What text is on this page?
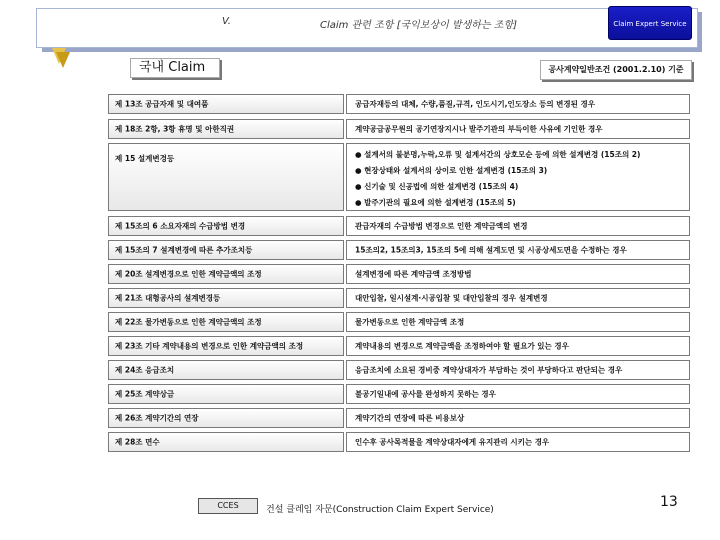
V.	Claim 관련 조항 [국익보상이 발생하는 조항]	Claim Expert Service
국내 Claim	공사계약일반조건 (2001.2.10) 기준
제 13조 공급자재 및 대여품	공급자재등의 대체, 수량,품질,규격, 인도시기,인도장소 등의 변경된 경우
제 18조 2항, 3항 휴명 및 아한직권	계약공급공무원의 공기연장지시나 발주기관의 부득이한 사유에 기인한 경우
제 15 설계변경등	● 설계서의 불분명,누락,오류 및 설계서간의 상호모순 등에 의한 설계변경 (15조의 2)
● 현장상태와 설계서의 상이로 인한 설계변경 (15조의 3)
● 신기술 및 신공법에 의한 설계변경 (15조의 4)
● 발주기관의 필요에 의한 설계변경 (15조의 5)
제 15조의 6 소요자재의 수급방법 변경	관급자재의 수급방법 변경으로 인한 계약금액의 변경
제 15조의 7 설계변경에 따른 추가조치등	15조의2, 15조의3, 15조의 5에 의해 설계도면 및 시공상세도면을 수정하는 경우
제 20조 설계변경으로 인한 계약금액의 조정	설계변경에 따른 계약금액 조정방법
제 21조 대형공사의 설계변경등	대안입찰, 일시설계·시공입찰 및 대안입찰의 경우 설계변경
제 22조 물가변동으로 인한 계약금액의 조정	물가변동으로 인한 계약금액 조정
제 23조 기타 계약내용의 변경으로 인한 계약금액의 조정	계약내용의 변경으로 계약금액을 조정하여야 할 필요가 있는 경우
제 24조 응급조치	응급조치에 소요된 경비중 계약상대자가 부담하는 것이 부당하다고 판단되는 경우
제 25조 계약상금	불공기일내에 공사를 완성하지 못하는 경우
제 26조 계약기간의 연장	계약기간의 연장에 따른 비용보상
제 28조 면수	인수후 공사목적물을 계약상대자에게 유지관리 시키는 경우
CCES	건설 클레임 자문(Construction Claim Expert Service)	13
